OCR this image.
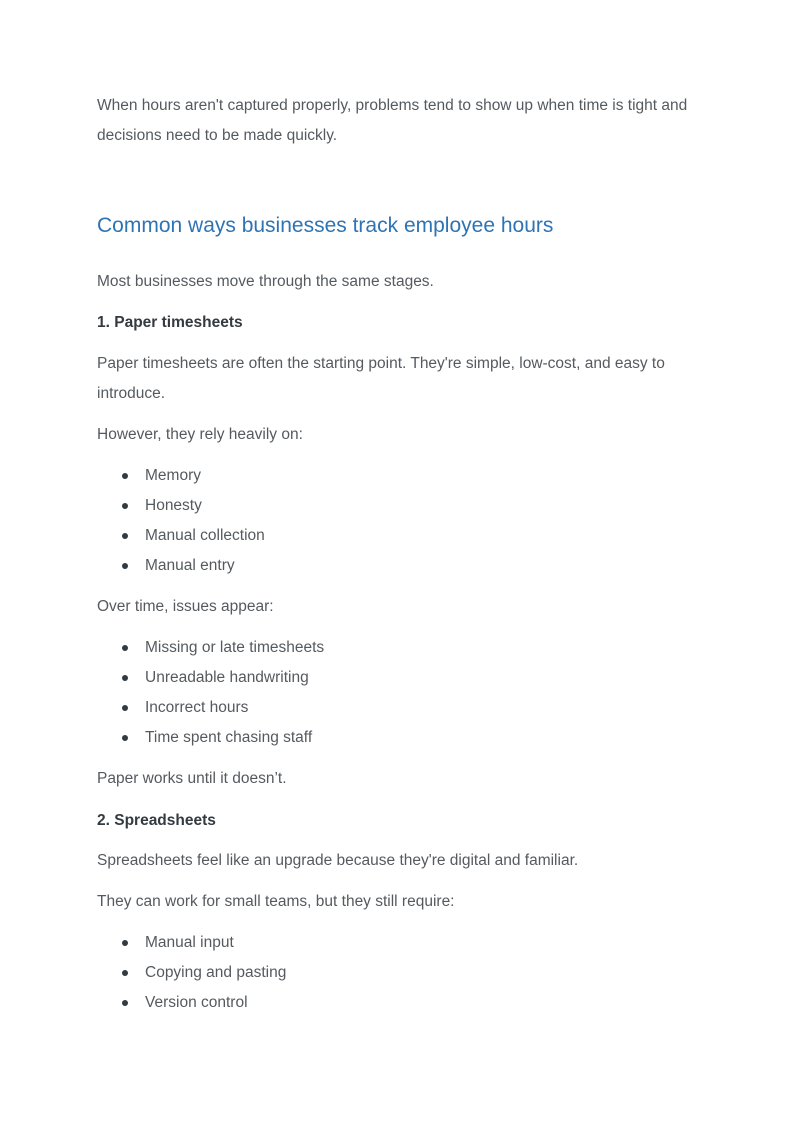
When hours aren't captured properly, problems tend to show up when time is tight and decisions need to be made quickly.

Common ways businesses track employee hours

Most businesses move through the same stages.

1. Paper timesheets

Paper timesheets are often the starting point. They're simple, low-cost, and easy to introduce.

However, they rely heavily on:

Memory
Honesty
Manual collection
Manual entry

Over time, issues appear:

Missing or late timesheets
Unreadable handwriting
Incorrect hours
Time spent chasing staff

Paper works until it doesn’t.

2. Spreadsheets

Spreadsheets feel like an upgrade because they're digital and familiar.

They can work for small teams, but they still require:

Manual input
Copying and pasting
Version control
